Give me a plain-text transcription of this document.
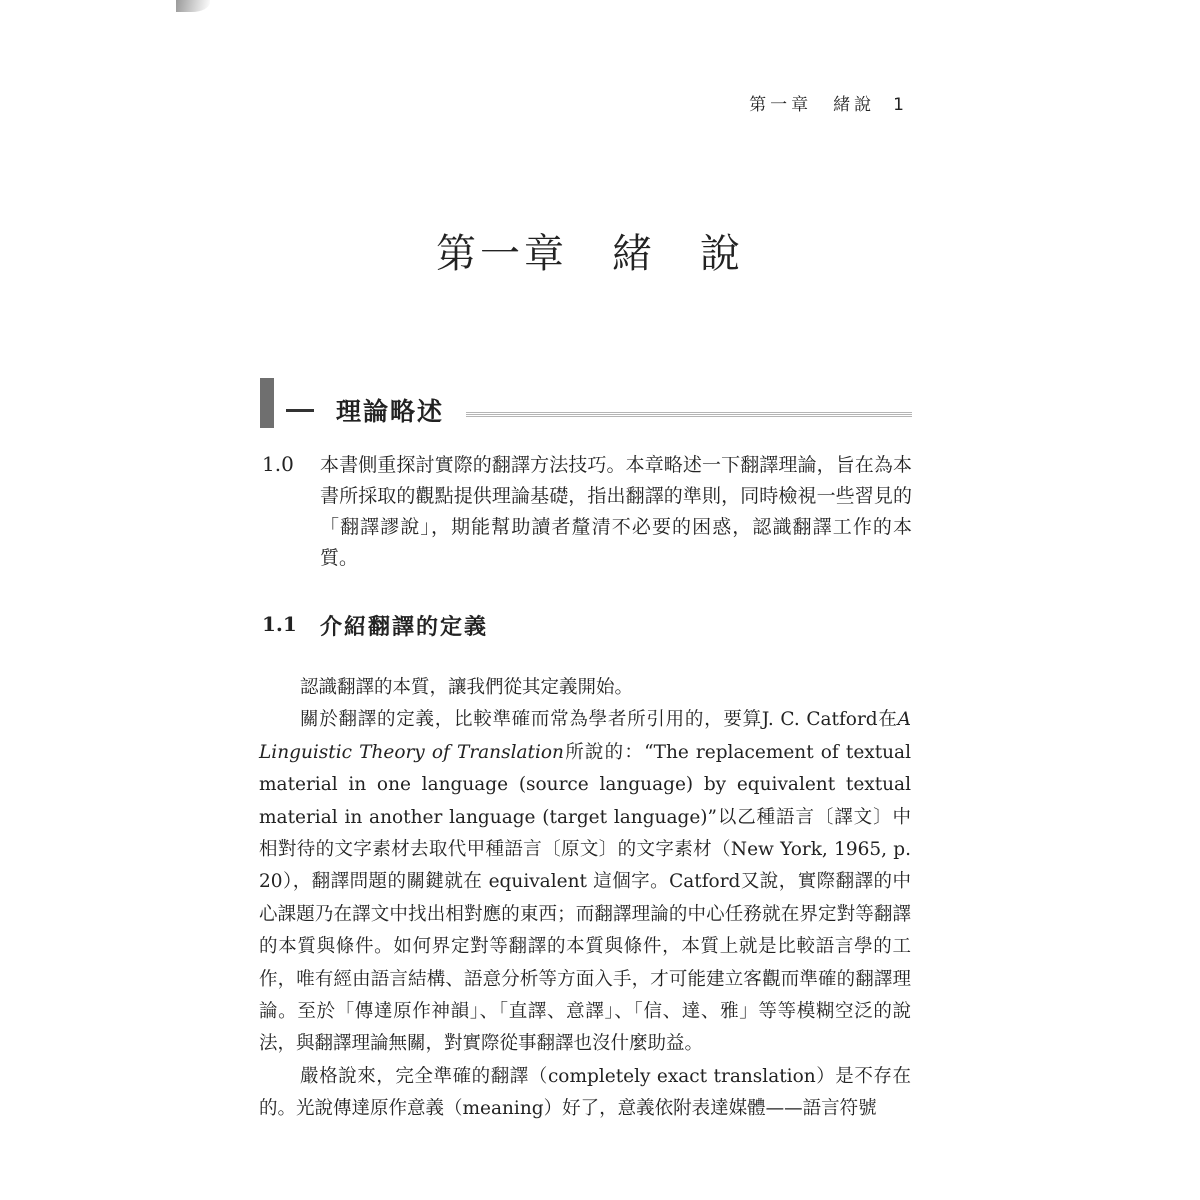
第一章　緒說 1
第一章　緒　說
理論略述
1.0 本書側重探討實際的翻譯方法技巧。本章略述一下翻譯理論，旨在為本書所採取的觀點提供理論基礎，指出翻譯的準則，同時檢視一些習見的「翻譯謬說」，期能幫助讀者釐清不必要的困惑，認識翻譯工作的本質。
1.1 介紹翻譯的定義

認識翻譯的本質，讓我們從其定義開始。

關於翻譯的定義，比較準確而常為學者所引用的，要算J. C. Catford在A Linguistic Theory of Translation所說的：“The replacement of textual material in one language (source language) by equivalent textual material in another language (target language)”以乙種語言〔譯文〕中相對待的文字素材去取代甲種語言〔原文〕的文字素材（New York, 1965, p. 20），翻譯問題的關鍵就在 equivalent 這個字。Catford又說，實際翻譯的中心課題乃在譯文中找出相對應的東西；而翻譯理論的中心任務就在界定對等翻譯的本質與條件。如何界定對等翻譯的本質與條件，本質上就是比較語言學的工作，唯有經由語言結構、語意分析等方面入手，才可能建立客觀而準確的翻譯理論。至於「傳達原作神韻」、「直譯、意譯」、「信、達、雅」等等模糊空泛的說法，與翻譯理論無關，對實際從事翻譯也沒什麼助益。

嚴格說來，完全準確的翻譯（completely exact translation）是不存在的。光說傳達原作意義（meaning）好了，意義依附表達媒體——語言符號
